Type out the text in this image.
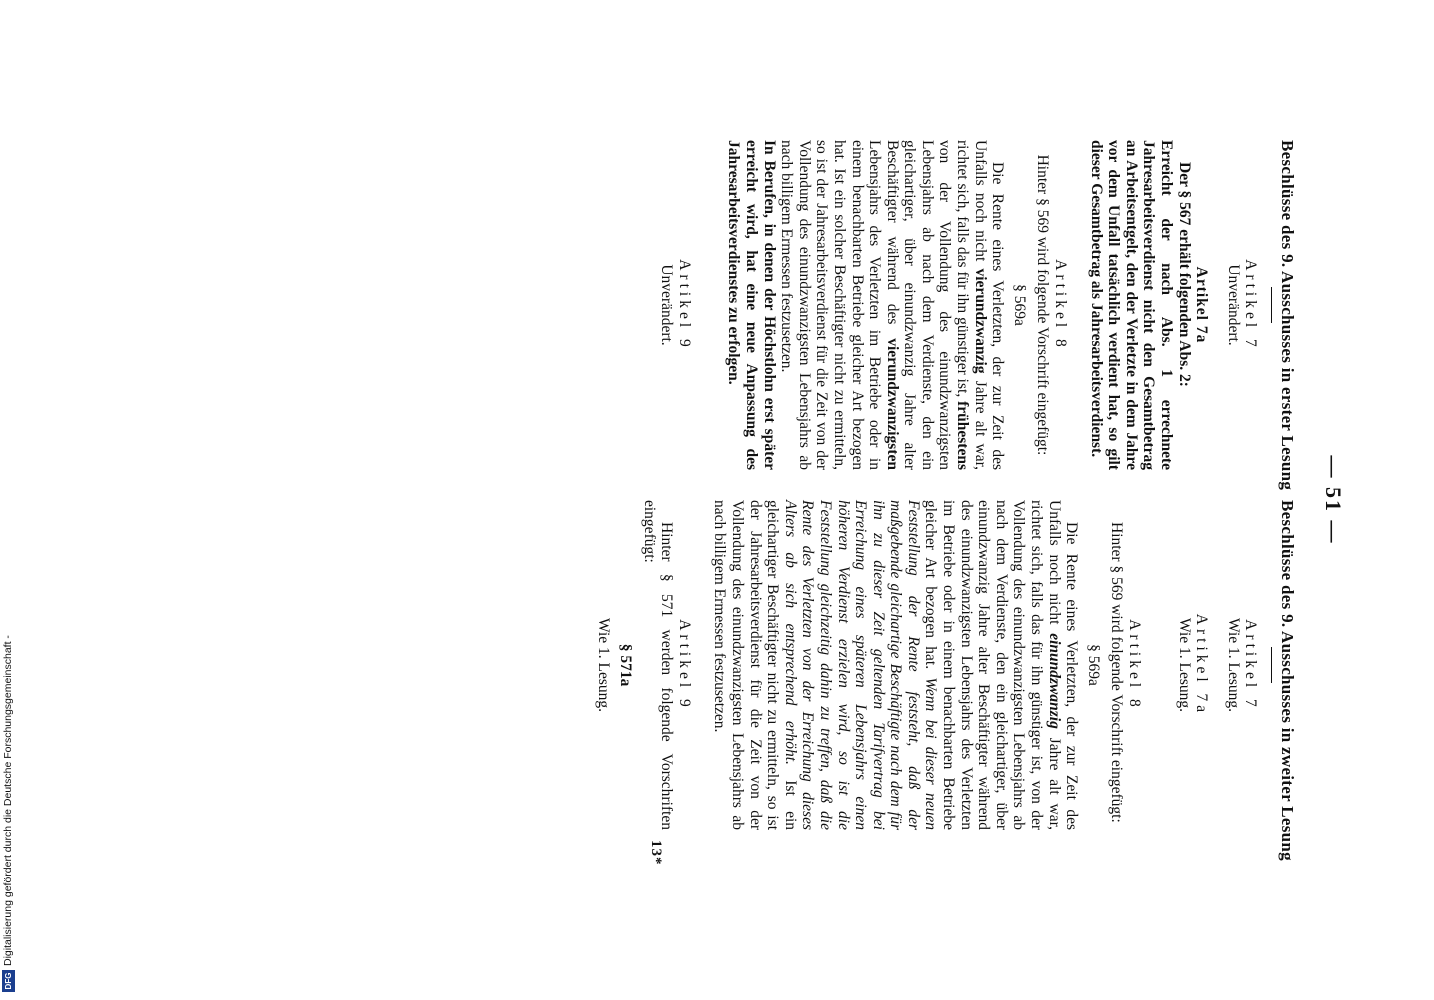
— 51 —
Beschlüsse des 9. Ausschusses in erster Lesung
Artikel 7
Unverändert.
Artikel 7a
Der § 567 erhält folgenden Abs. 2:
Erreicht der nach Abs. 1 errechnete Jahresarbeitsverdienst nicht den Gesamtbetrag an Arbeitsentgelt, den der Verletzte in dem Jahre vor dem Unfall tatsächlich verdient hat, so gilt dieser Gesamtbetrag als Jahresarbeitsverdienst.
Artikel 8
Hinter § 569 wird folgende Vorschrift eingefügt:
§ 569a
Die Rente eines Verletzten, der zur Zeit des Unfalls noch nicht vierundzwanzig Jahre alt war, richtet sich, falls das für ihn günstiger ist, frühestens von der Vollendung des einundzwanzigsten Lebensjahrs ab nach dem Verdienste, den ein gleichartiger, über einundzwanzig Jahre alter Beschäftigter während des vierundzwanzigsten Lebensjahrs des Verletzten im Betriebe oder in einem benachbarten Betriebe gleicher Art bezogen hat. Ist ein solcher Beschäftigter nicht zu ermitteln, so ist der Jahresarbeitsverdienst für die Zeit von der Vollendung des einundzwanzigsten Lebensjahrs ab nach billigem Ermessen festzusetzen.
In Berufen, in denen der Höchstlohn erst später erreicht wird, hat eine neue Anpassung des Jahresarbeitsverdienstes zu erfolgen.
Artikel 9
Unverändert.
Beschlüsse des 9. Ausschusses in zweiter Lesung
Artikel 7
Wie 1. Lesung.
Artikel 7a
Wie 1. Lesung.
Artikel 8
Hinter § 569 wird folgende Vorschrift eingefügt:
§ 569a
Die Rente eines Verletzten, der zur Zeit des Unfalls noch nicht einundzwanzig Jahre alt war, richtet sich, falls das für ihn günstiger ist, von der Vollendung des einundzwanzigsten Lebensjahrs ab nach dem Verdienste, den ein gleichartiger, über einundzwanzig Jahre alter Beschäftigter während des einundzwanzigsten Lebensjahrs des Verletzten im Betriebe oder in einem benachbarten Betriebe gleicher Art bezogen hat. Wenn bei dieser neuen Feststellung der Rente feststeht, daß der maßgebende gleichartige Beschäftigte nach dem für ihn zu dieser Zeit geltenden Tarifvertrag bei Erreichung eines späteren Lebensjahrs einen höheren Verdienst erzielen wird, so ist die Feststellung gleichzeitig dahin zu treffen, daß die Rente des Verletzten von der Erreichung dieses Alters ab sich entsprechend erhöht. Ist ein gleichartiger Beschäftigter nicht zu ermitteln, so ist der Jahresarbeitsverdienst für die Zeit von der Vollendung des einundzwanzigsten Lebensjahrs ab nach billigem Ermessen festzusetzen.
Artikel 9
Hinter § 571 werden folgende Vorschriften eingefügt:
§ 571a
Wie 1. Lesung.
13*
DFG
Digitalisierung gefördert durch die Deutsche Forschungsgemeinschaft -
